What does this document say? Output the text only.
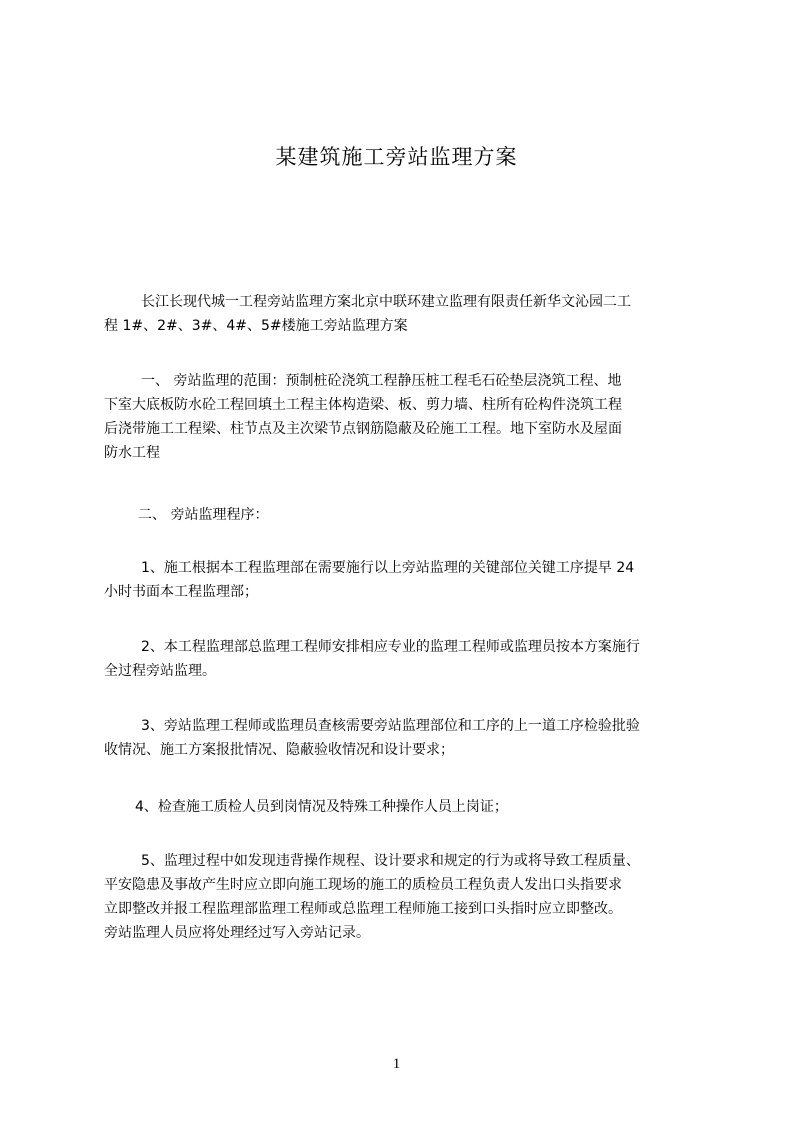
某建筑施工旁站监理方案
长江长现代城一工程旁站监理方案北京中联环建立监理有限责任新华文沁园二工
程 1#、2#、3#、4#、5#楼施工旁站监理方案
一、 旁站监理的范围：预制桩砼浇筑工程静压桩工程毛石砼垫层浇筑工程、地
下室大底板防水砼工程回填土工程主体构造梁、板、剪力墙、柱所有砼构件浇筑工程
后浇带施工工程梁、柱节点及主次梁节点钢筋隐蔽及砼施工工程。地下室防水及屋面
防水工程
二、 旁站监理程序：
1、施工根据本工程监理部在需要施行以上旁站监理的关键部位关键工序提早 24
小时书面本工程监理部；
2、本工程监理部总监理工程师安排相应专业的监理工程师或监理员按本方案施行
全过程旁站监理。
3、旁站监理工程师或监理员查核需要旁站监理部位和工序的上一道工序检验批验
收情况、施工方案报批情况、隐蔽验收情况和设计要求；
4、检查施工质检人员到岗情况及特殊工种操作人员上岗证；
5、监理过程中如发现违背操作规程、设计要求和规定的行为或将导致工程质量、
平安隐患及事故产生时应立即向施工现场的施工的质检员工程负责人发出口头指要求
立即整改并报工程监理部监理工程师或总监理工程师施工接到口头指时应立即整改。
旁站监理人员应将处理经过写入旁站记录。
1
